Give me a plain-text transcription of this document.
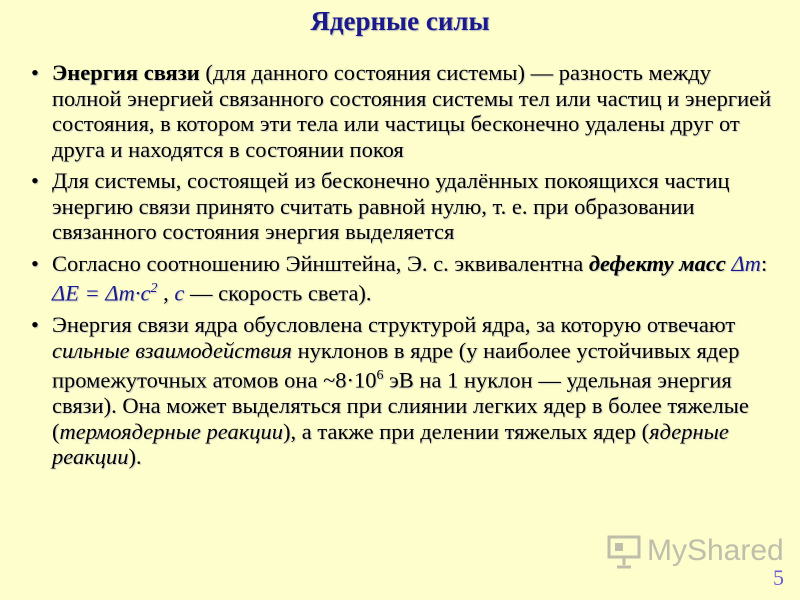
Ядерные силы
• Энергия связи (для данного состояния системы) — разность между полной энергией связанного состояния системы тел или частиц и энергией состояния, в котором эти тела или частицы бесконечно удалены друг от друга и находятся в состоянии покоя
• Для системы, состоящей из бесконечно удалённых покоящихся частиц энергию связи принято считать равной нулю, т. е. при образовании связанного состояния энергия выделяется
• Согласно соотношению Эйнштейна, Э. с. эквивалентна дефекту масс Δm: $\Delta E = \Delta m\cdot c^2$ , c — скорость света).
• Энергия связи ядра обусловлена структурой ядра, за которую отвечают сильные взаимодействия нуклонов в ядре (у наиболее устойчивых ядер промежуточных атомов она $\sim 8\cdot 10^6$ эВ на 1 нуклон — удельная энергия связи). Она может выделяться при слиянии легких ядер в более тяжелые (термоядерные реакции), а также при делении тяжелых ядер (ядерные реакции).
MyShared
5
